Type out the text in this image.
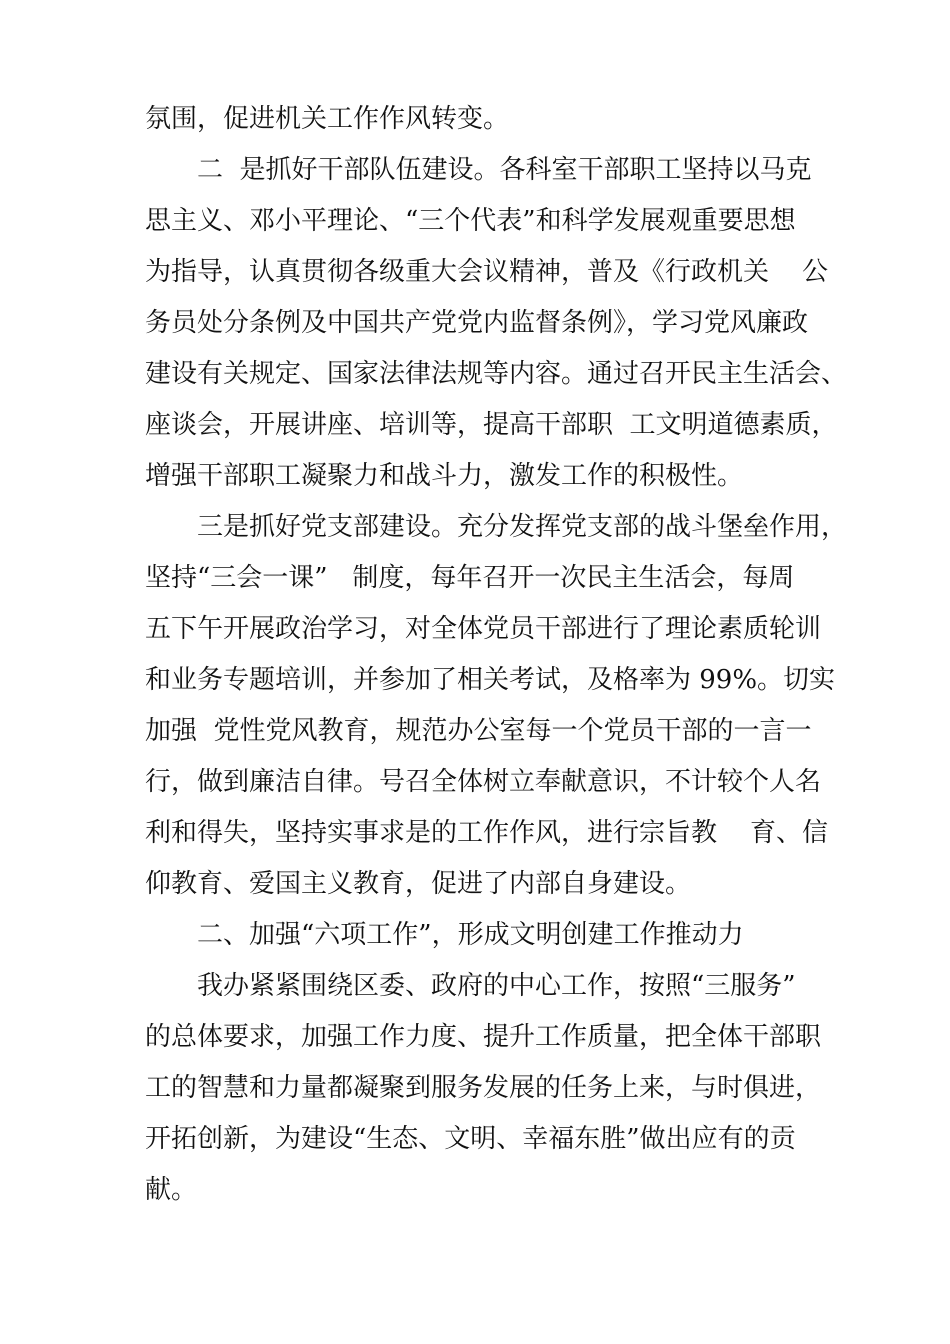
氛围，促进机关工作作风转变。
二  是抓好干部队伍建设。各科室干部职工坚持以马克
思主义、邓小平理论、“三个代表”和科学发展观重要思想
为指导，认真贯彻各级重大会议精神，普及《行政机关    公
务员处分条例及中国共产党党内监督条例》，学习党风廉政
建设有关规定、国家法律法规等内容。通过召开民主生活会、
座谈会，开展讲座、培训等，提高干部职  工文明道德素质，
增强干部职工凝聚力和战斗力，激发工作的积极性。
三是抓好党支部建设。充分发挥党支部的战斗堡垒作用，
坚持“三会一课”   制度，每年召开一次民主生活会，每周
五下午开展政治学习，对全体党员干部进行了理论素质轮训
和业务专题培训，并参加了相关考试，及格率为 99%。切实
加强  党性党风教育，规范办公室每一个党员干部的一言一
行，做到廉洁自律。号召全体树立奉献意识，不计较个人名
利和得失，坚持实事求是的工作作风，进行宗旨教    育、信
仰教育、爱国主义教育，促进了内部自身建设。
二、加强“六项工作”，形成文明创建工作推动力
我办紧紧围绕区委、政府的中心工作，按照“三服务”
的总体要求，加强工作力度、提升工作质量，把全体干部职
工的智慧和力量都凝聚到服务发展的任务上来，与时俱进，
开拓创新，为建设“生态、文明、幸福东胜”做出应有的贡
献。
